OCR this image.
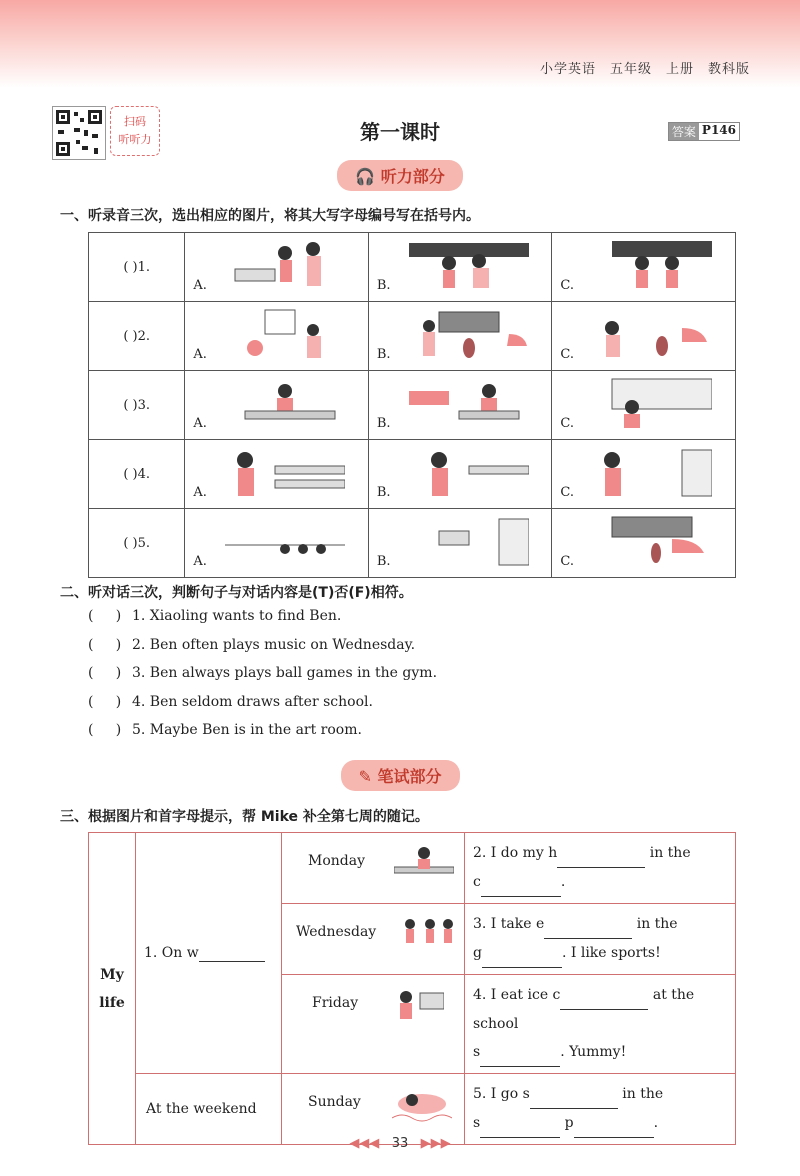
小学英语 五年级 上册 教科版
扫码
听听力	第一课时	答案 P146
🎧 听力部分
一、听录音三次，选出相应的图片，将其大写字母编号写在括号内。
( )1.	A.	B.	C.

( )2.	A.	B.	C.

( )3.	A.	B.	C.

( )4.	A.	B.	C.

( )5.	A.	B.	C.
二、听对话三次，判断句子与对话内容是(T)否(F)相符。
(     ) 1. Xiaoling wants to find Ben.
(     ) 2. Ben often plays music on Wednesday.
(     ) 3. Ben always plays ball games in the gym.
(     ) 4. Ben seldom draws after school.
(     ) 5. Maybe Ben is in the art room.
✎ 笔试部分
三、根据图片和首字母提示，帮 Mike 补全第七周的随记。
My life	1. On w	Monday	2. I do my h in the
c .

		Wednesday	3. I take e in the
g . I like sports!

		Friday	4. I eat ice c at the school
s . Yummy!
	At the weekend	Sunday	5. I go s in the
s p .
◀◀◀ 33 ▶▶▶
